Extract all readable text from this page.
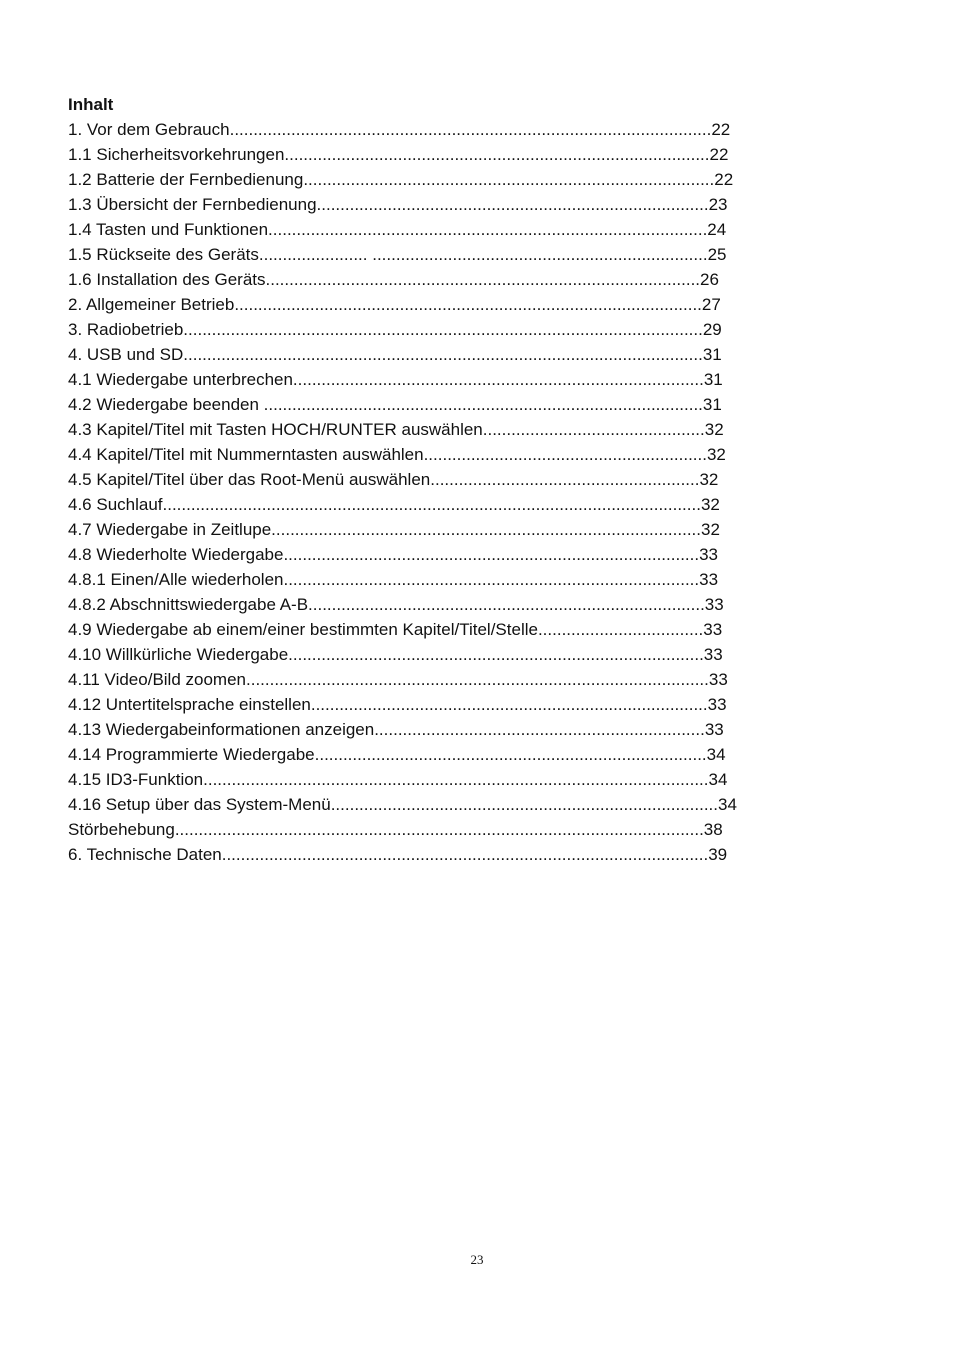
Inhalt
1. Vor dem Gebrauch......................................................................................................22
1.1 Sicherheitsvorkehrungen..........................................................................................22
1.2 Batterie der Fernbedienung.......................................................................................22
1.3 Übersicht der Fernbedienung...................................................................................23
1.4 Tasten und Funktionen.............................................................................................24
1.5 Rückseite des Geräts....................... .......................................................................25
1.6 Installation des Geräts............................................................................................26
2. Allgemeiner Betrieb...................................................................................................27
3. Radiobetrieb..............................................................................................................29
4. USB und SD..............................................................................................................31
4.1 Wiedergabe unterbrechen.......................................................................................31
4.2 Wiedergabe beenden .............................................................................................31
4.3 Kapitel/Titel mit Tasten HOCH/RUNTER auswählen...............................................32
4.4 Kapitel/Titel mit Nummerntasten auswählen............................................................32
4.5 Kapitel/Titel über das Root-Menü auswählen.........................................................32
4.6 Suchlauf..................................................................................................................32
4.7 Wiedergabe in Zeitlupe...........................................................................................32
4.8 Wiederholte Wiedergabe........................................................................................33
4.8.1 Einen/Alle wiederholen........................................................................................33
4.8.2 Abschnittswiedergabe A-B....................................................................................33
4.9 Wiedergabe ab einem/einer bestimmten Kapitel/Titel/Stelle...................................33
4.10 Willkürliche Wiedergabe........................................................................................33
4.11 Video/Bild zoomen..................................................................................................33
4.12 Untertitelsprache einstellen....................................................................................33
4.13 Wiedergabeinformationen anzeigen......................................................................33
4.14 Programmierte Wiedergabe...................................................................................34
4.15 ID3-Funktion...........................................................................................................34
4.16 Setup über das System-Menü..................................................................................34
Störbehebung................................................................................................................38
6. Technische Daten.......................................................................................................39
23
